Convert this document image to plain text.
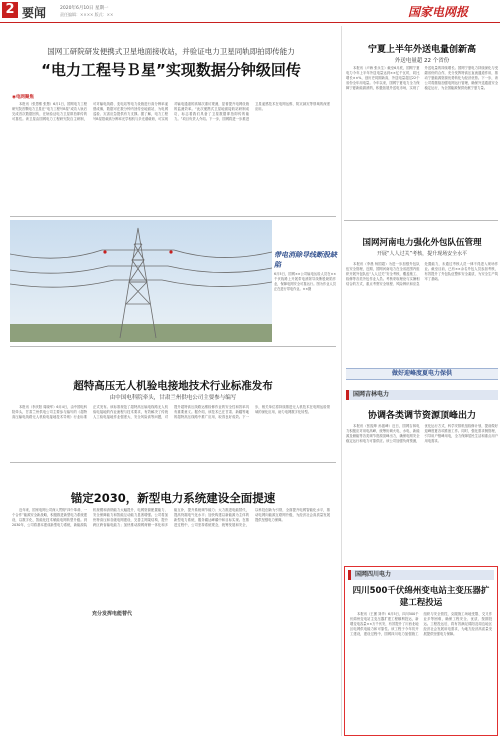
2 要闻	2020年6月10日 星期一
责任编辑：×××× 版式：××	国家电网报
国网工研院研发便携式卫星地面接收站，并验证电力卫星同轨即拍即传能力
“电力工程号Ｂ星”实现数据分钟级回传
◉电网聚焦

本报讯（张思维 张慧）6月1日，国网电力工程研究院首颗电力卫星在“电力工程号B星”成功入轨后完成首次数据回传，在轨验证电力卫星即拍即传的可靠性。该卫星由国网电力工程研究院自主研制，可对输电线路、变电站等电力设施进行高分辨率遥感成像，数据可在数分钟内回传至地面站，为电网巡检、灾害应急提供有力支撑。据了解，电力工程号B星搭载高分辨率光学相机与多光谱载荷，可实现对输电通道的高频次重访观测，显著提升电网设施的监测效率。“此次便携式卫星地面接收站研制成功，标志着我们具备了卫星数据即拍即传的能力。”项目负责人介绍。下一步，国网将进一步推进卫星遥感技术在电网运维、防灾减灾等领域的深度应用。

带电消除导线断股缺陷
6月5日，国网××公司输电运检人员在××千伏线路上开展带电消除导线断股缺陷作业，保障电网安全可靠运行。图为作业人员正在进行带电作业。××摄
超特高压无人机验电接地技术行业标准发布
由中国电科院牵头，甘肃兰州供电公司主要参与编写

本报讯（李庆阳 周晓军）6月4日，由中国电科院牵头，甘肃兰州供电公司主要参与编写的《超特高压输电线路无人机验电接地技术导则》行业标准正式发布。该标准规范了超特高压输电线路无人机验电接地的作业流程与技术要求，有效解决了传统人工验电接地作业强度大、安全风险高等问题，对提升超特高压线路运维检修作业的安全性和效率具有重要意义。据介绍，该技术已在甘肃、新疆等地的超特高压线路中推广应用，取得良好成效。下一步，相关单位将持续推进无人机技术在电网运检领域的深化应用，助力电网数字化转型。

锚定2030，新型电力系统建设全面提速

近年来，国家电网公司深入贯彻“四个革命、一个合作”能源安全新战略，积极推进新型电力系统建设，以数字化、智能化技术赋能电网转型升级。到2030年，公司将基本建成新型电力系统，新能源装机规模和消纳能力大幅提升，电网资源配置能力、安全保障能力和智能互动能力显著增强。公司将加快特高压和各级电网建设，完善主网架结构，提升跨区跨省输电能力；加快推动源网荷储一体化和多能互补，提升系统调节能力；大力推进电能替代，提高终端电气化水平；加快构建以新能源为主体的新型电力系统，服务碳达峰碳中和目标实现。在推进过程中，公司坚持系统观念，统筹发展和安全，以科技创新为引领，全面提升电网智能化水平，推动电网向能源互联网升级，为经济社会高质量发展提供坚强电力保障。

充分发挥电能替代
宁夏上半年外送电量创新高
外送电量超 22 个省份

本报讯（卢海 张永生）截至6月底，国网宁夏电力今年上半年外送电量达到××亿千瓦时，同比增长××%，创历史同期新高，外送电量超过22个省份全年用电量。今年以来，国网宁夏电力全力保障宁夏新能源消纳，积极拓展外送电市场，实现了外送电量的持续增长。国网宁夏电力持续深化与受端省份的合作，充分发挥特高压直流通道作用，推动宁夏能源资源优势转化为经济优势。下一步，该公司将继续加强电网运行管理，确保外送通道安全稳定运行，为全国能源保供贡献宁夏力量。

国网河南电力强化外包队伍管理
开展“人人过关”考核，提升现场安全水平

本报讯（李晨 杨国超）为进一步加强外包队伍安全管理，近期，国网河南电力在全省范围内组织开展外包队伍“人人过关”安全考核，覆盖施工、检修等各类外包作业人员。考核采取理论与实操相结合的方式，重点考察安全规程、风险辨识和应急处置能力，未通过考核人员一律不得进入现场作业。截至目前，已有××余名外包人员参加考核，有效提升了外包队伍整体安全素质，为安全生产筑牢了基础。

做好迎峰度夏电力保供
国网吉林电力
协调各类调节资源顶峰出力

本报讯（张振坤 孙振峰）近日，国网吉林电力积极应对用电高峰，统筹协调火电、水电、新能源及储能等各类调节资源顶峰出力，确保电网安全稳定运行和电力可靠供应。该公司加强负荷预测，优化运行方式，科学安排机组检修计划，提前做好迎峰度夏各项准备工作。同时，强化需求侧管理，引导用户错峰用电，全力保障居民生活和重点用户用电需求。

国网四川电力
四川500千伏绵州变电站主变压器扩建工程投运

本报讯（王赟 刘华）6月5日，四川500千伏绵州变电站主变压器扩建工程顺利投运，新增变电容量××万千伏安，有效提升了川西北地区电网供电能力和可靠性。该工程于今年初开工建设，建设过程中，国网四川电力加强施工组织与安全管控，克服施工场地受限、交叉作业多等困难，确保工程安全、优质、按期投运。工程投运后，将有效满足绵阳及周边地区经济社会发展用电需求，为地方经济高质量发展提供坚强电力保障。
